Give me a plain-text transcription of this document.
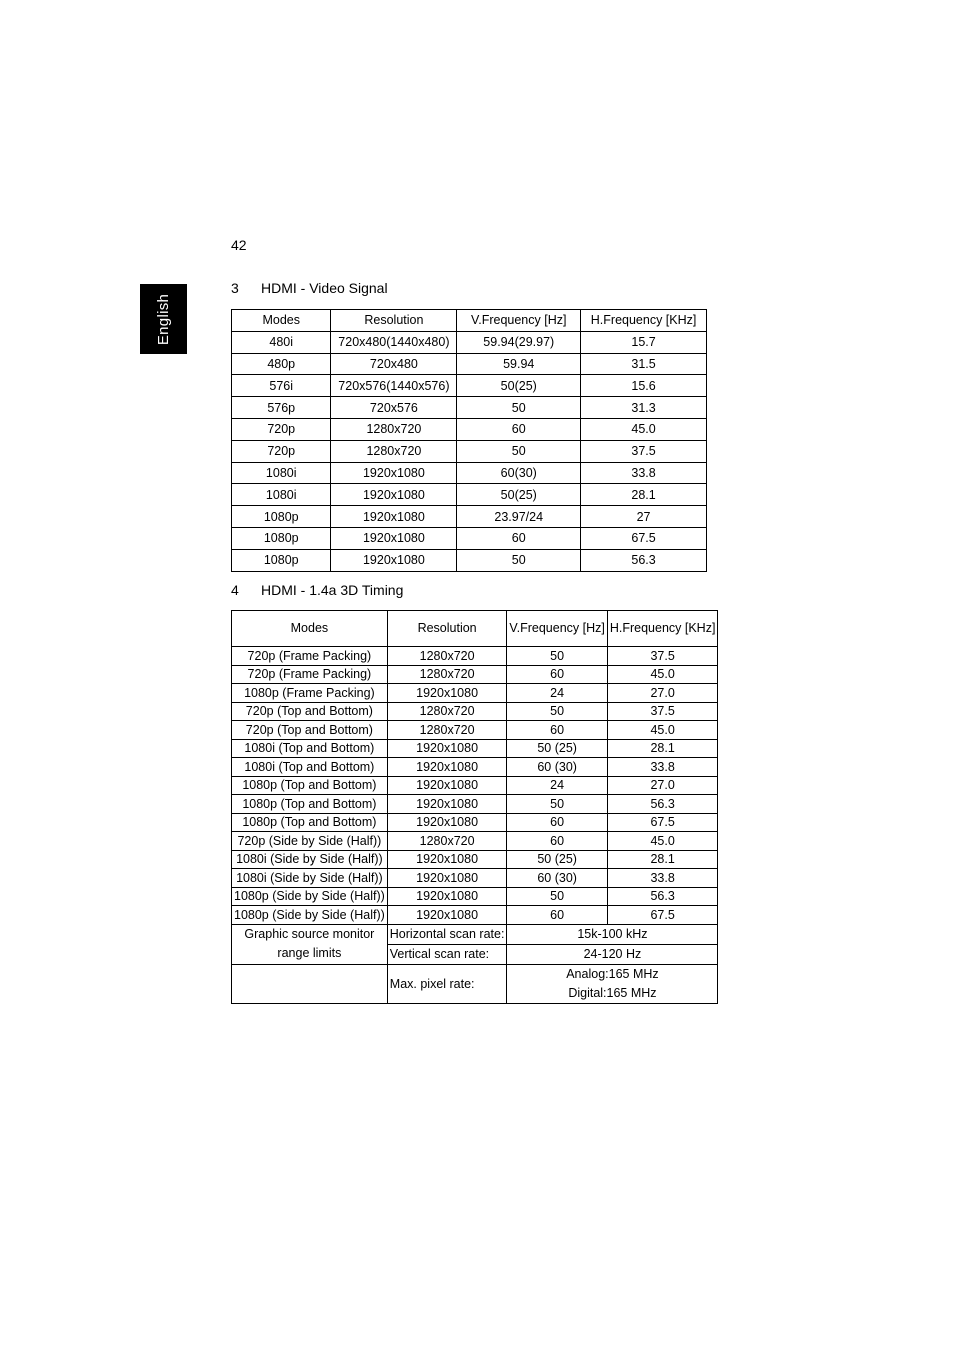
42
English
3 HDMI - Video Signal
Modes	Resolution	V.Frequency [Hz]	H.Frequency [KHz]
480i	720x480(1440x480)	59.94(29.97)	15.7
480p	720x480	59.94	31.5
576i	720x576(1440x576)	50(25)	15.6
576p	720x576	50	31.3
720p	1280x720	60	45.0
720p	1280x720	50	37.5
1080i	1920x1080	60(30)	33.8
1080i	1920x1080	50(25)	28.1
1080p	1920x1080	23.97/24	27
1080p	1920x1080	60	67.5
1080p	1920x1080	50	56.3
4 HDMI - 1.4a 3D Timing
Modes	Resolution	V.Frequency [Hz]	H.Frequency [KHz]
720p (Frame Packing)	1280x720	50	37.5
720p (Frame Packing)	1280x720	60	45.0
1080p (Frame Packing)	1920x1080	24	27.0
720p (Top and Bottom)	1280x720	50	37.5
720p (Top and Bottom)	1280x720	60	45.0
1080i (Top and Bottom)	1920x1080	50 (25)	28.1
1080i (Top and Bottom)	1920x1080	60 (30)	33.8
1080p (Top and Bottom)	1920x1080	24	27.0
1080p (Top and Bottom)	1920x1080	50	56.3
1080p (Top and Bottom)	1920x1080	60	67.5
720p (Side by Side (Half))	1280x720	60	45.0
1080i (Side by Side (Half))	1920x1080	50 (25)	28.1
1080i (Side by Side (Half))	1920x1080	60 (30)	33.8
1080p (Side by Side (Half))	1920x1080	50	56.3
1080p (Side by Side (Half))	1920x1080	60	67.5
Graphic source monitor range limits	Horizontal scan rate:	15k-100 kHz	
	Vertical scan rate:	24-120 Hz	
	Max. pixel rate:	Analog:165 MHz
Digital:165 MHz	
